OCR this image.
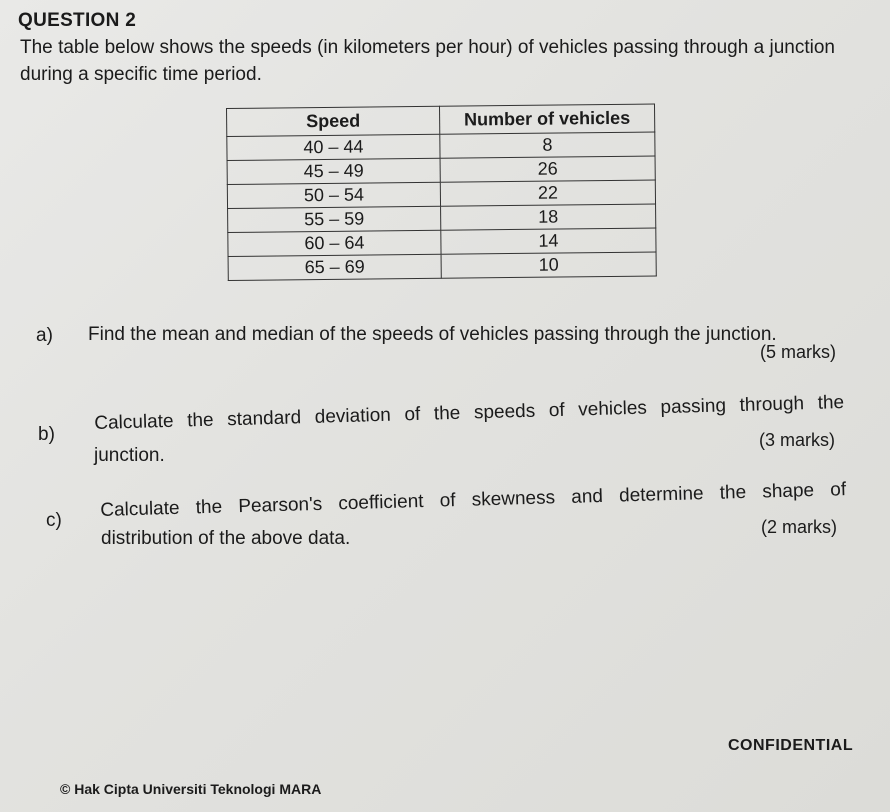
QUESTION 2
The table below shows the speeds (in kilometers per hour) of vehicles passing through a junction during a specific time period.
Speed	Number of vehicles
40 – 44	8
45 – 49	26
50 – 54	22
55 – 59	18
60 – 64	14
65 – 69	10
a) Find the mean and median of the speeds of vehicles passing through the junction.
(5 marks)
b)
Calculate the standard deviation of the speeds of vehicles passing through the
junction.
(3 marks)
c) Calculate the Pearson's coefficient of skewness and determine the shape of
distribution of the above data.
(2 marks)
CONFIDENTIAL
© Hak Cipta Universiti Teknologi MARA
